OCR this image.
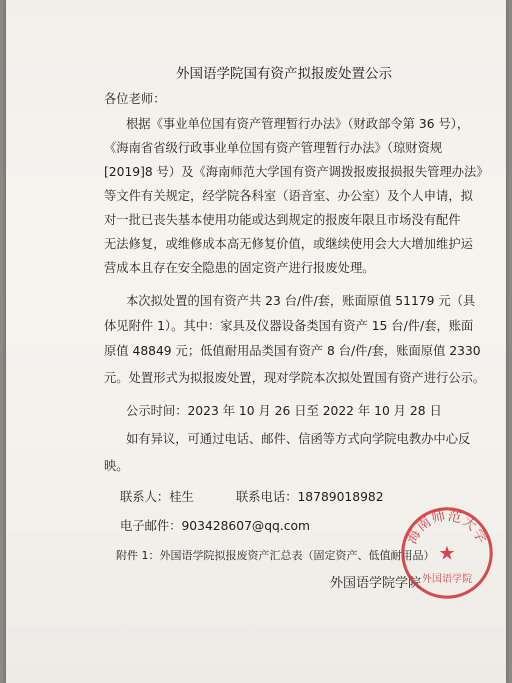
外国语学院国有资产拟报废处置公示
各位老师：
根据《事业单位国有资产管理暂行办法》（财政部令第 36 号），
《海南省省级行政事业单位国有资产管理暂行办法》（琼财资规
[2019]8 号）及《海南师范大学国有资产调拨报废报损报失管理办法》
等文件有关规定，经学院各科室（语音室、办公室）及个人申请，拟
对一批已丧失基本使用功能或达到规定的报废年限且市场没有配件
无法修复，或维修成本高无修复价值，或继续使用会大大增加维护运
营成本且存在安全隐患的固定资产进行报废处理。
本次拟处置的国有资产共 23 台/件/套，账面原值 51179 元（具
体见附件 1）。其中：家具及仪器设备类国有资产 15 台/件/套，账面
原值 48849 元；低值耐用品类国有资产 8 台/件/套，账面原值 2330
元。处置形式为拟报废处置，现对学院本次拟处置国有资产进行公示。
公示时间：2023 年 10 月 26 日至 2022 年 10 月 28 日
如有异议，可通过电话、邮件、信函等方式向学院电教办中心反
映。
联系人：桂生	联系电话：18789018982
电子邮件：903428607@qq.com
附件 1：外国语学院拟报废资产汇总表（固定资产、低值耐用品）
外国语学院学院
海南师范大学
★
外国语学院
